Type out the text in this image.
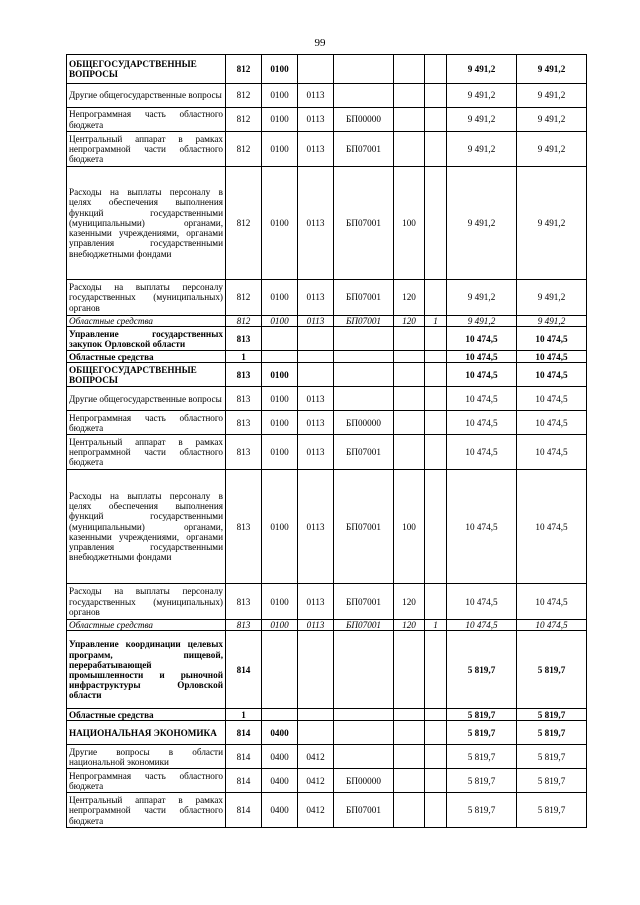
99
ОБЩЕГОСУДАРСТВЕННЫЕ ВОПРОСЫ	812	0100					9 491,2	9 491,2
Другие общегосударственные вопросы	812	0100	0113				9 491,2	9 491,2
Непрограммная часть областного бюджета	812	0100	0113	БП00000			9 491,2	9 491,2
Центральный аппарат в рамках непрограммной части областного бюджета	812	0100	0113	БП07001			9 491,2	9 491,2
Расходы на выплаты персоналу в целях обеспечения выполнения функций государственными (муниципальными) органами, казенными учреждениями, органами управления государственными внебюджетными фондами	812	0100	0113	БП07001	100		9 491,2	9 491,2
Расходы на выплаты персоналу государственных (муниципальных) органов	812	0100	0113	БП07001	120		9 491,2	9 491,2
Областные средства	812	0100	0113	БП07001	120	1	9 491,2	9 491,2
Управление государственных закупок Орловской области	813						10 474,5	10 474,5
Областные средства	1						10 474,5	10 474,5
ОБЩЕГОСУДАРСТВЕННЫЕ ВОПРОСЫ	813	0100					10 474,5	10 474,5
Другие общегосударственные вопросы	813	0100	0113				10 474,5	10 474,5
Непрограммная часть областного бюджета	813	0100	0113	БП00000			10 474,5	10 474,5
Центральный аппарат в рамках непрограммной части областного бюджета	813	0100	0113	БП07001			10 474,5	10 474,5
Расходы на выплаты персоналу в целях обеспечения выполнения функций государственными (муниципальными) органами, казенными учреждениями, органами управления государственными внебюджетными фондами	813	0100	0113	БП07001	100		10 474,5	10 474,5
Расходы на выплаты персоналу государственных (муниципальных) органов	813	0100	0113	БП07001	120		10 474,5	10 474,5
Областные средства	813	0100	0113	БП07001	120	1	10 474,5	10 474,5
Управление координации целевых программ, пищевой, перерабатывающей промышленности и рыночной инфраструктуры Орловской области	814						5 819,7	5 819,7
Областные средства	1						5 819,7	5 819,7
НАЦИОНАЛЬНАЯ ЭКОНОМИКА	814	0400					5 819,7	5 819,7
Другие вопросы в области национальной экономики	814	0400	0412				5 819,7	5 819,7
Непрограммная часть областного бюджета	814	0400	0412	БП00000			5 819,7	5 819,7
Центральный аппарат в рамках непрограммной части областного бюджета	814	0400	0412	БП07001			5 819,7	5 819,7
